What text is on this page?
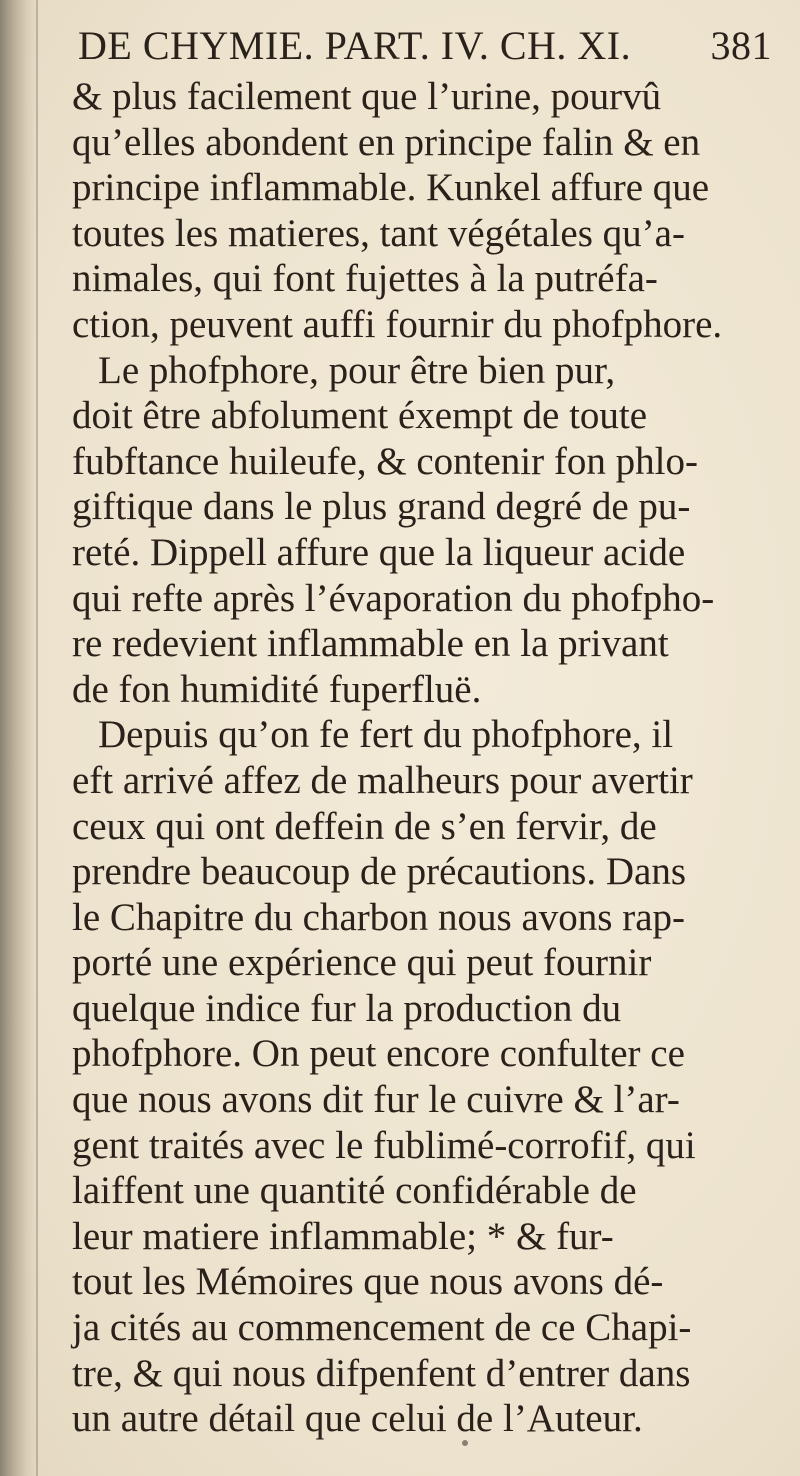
DE CHYMIE. PART. IV. CH. XI. 381
& plus facilement que l’urine, pourvû
qu’elles abondent en principe falin & en
principe inflammable. Kunkel affure que
toutes les matieres, tant végétales qu’a-
nimales, qui font fujettes à la putréfa-
ction, peuvent auffi fournir du phofphore.
Le phofphore, pour être bien pur,
doit être abfolument éxempt de toute
fubftance huileufe, & contenir fon phlo-
giftique dans le plus grand degré de pu-
reté. Dippell affure que la liqueur acide
qui refte après l’évaporation du phofpho-
re redevient inflammable en la privant
de fon humidité fuperfluë.
Depuis qu’on fe fert du phofphore, il
eft arrivé affez de malheurs pour avertir
ceux qui ont deffein de s’en fervir, de
prendre beaucoup de précautions. Dans
le Chapitre du charbon nous avons rap-
porté une expérience qui peut fournir
quelque indice fur la production du
phofphore. On peut encore confulter ce
que nous avons dit fur le cuivre & l’ar-
gent traités avec le fublimé-corrofif, qui
laiffent une quantité confidérable de
leur matiere inflammable; * & fur-
tout les Mémoires que nous avons dé-
ja cités au commencement de ce Chapi-
tre, & qui nous difpenfent d’entrer dans
un autre détail que celui de l’Auteur.
